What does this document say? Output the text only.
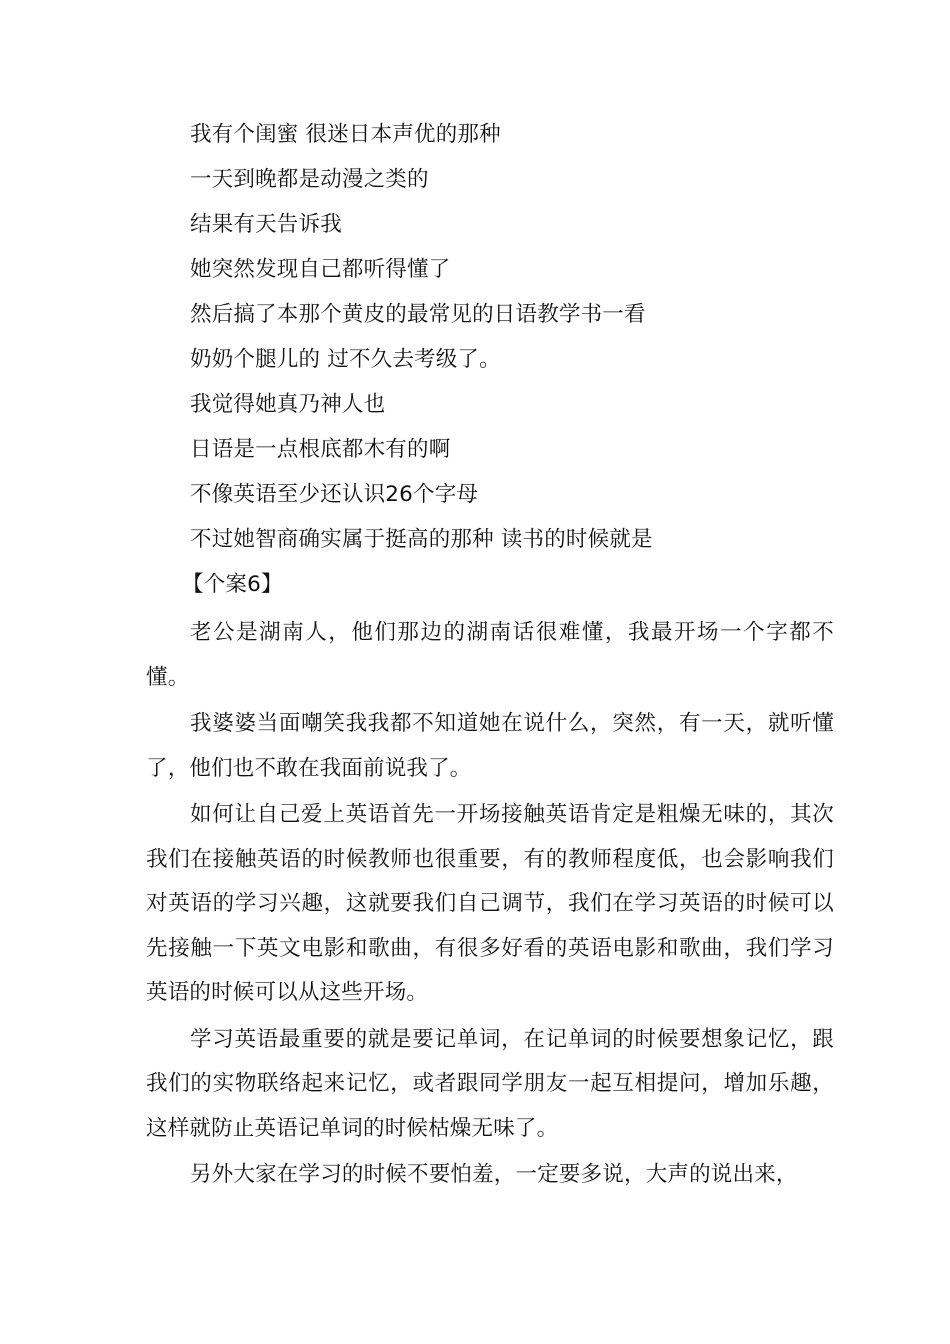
我有个闺蜜 很迷日本声优的那种

一天到晚都是动漫之类的

结果有天告诉我

她突然发现自己都听得懂了

然后搞了本那个黄皮的最常见的日语教学书一看

奶奶个腿儿的 过不久去考级了。

我觉得她真乃神人也

日语是一点根底都木有的啊

不像英语至少还认识26个字母

不过她智商确实属于挺高的那种 读书的时候就是

【个案6】

老公是湖南人，他们那边的湖南话很难懂，我最开场一个字都不懂。

我婆婆当面嘲笑我我都不知道她在说什么，突然，有一天，就听懂了，他们也不敢在我面前说我了。

如何让自己爱上英语首先一开场接触英语肯定是粗燥无味的，其次我们在接触英语的时候教师也很重要，有的教师程度低，也会影响我们对英语的学习兴趣，这就要我们自己调节，我们在学习英语的时候可以先接触一下英文电影和歌曲，有很多好看的英语电影和歌曲，我们学习英语的时候可以从这些开场。

学习英语最重要的就是要记单词，在记单词的时候要想象记忆，跟我们的实物联络起来记忆，或者跟同学朋友一起互相提问，增加乐趣，这样就防止英语记单词的时候枯燥无味了。

另外大家在学习的时候不要怕羞，一定要多说，大声的说出来，
